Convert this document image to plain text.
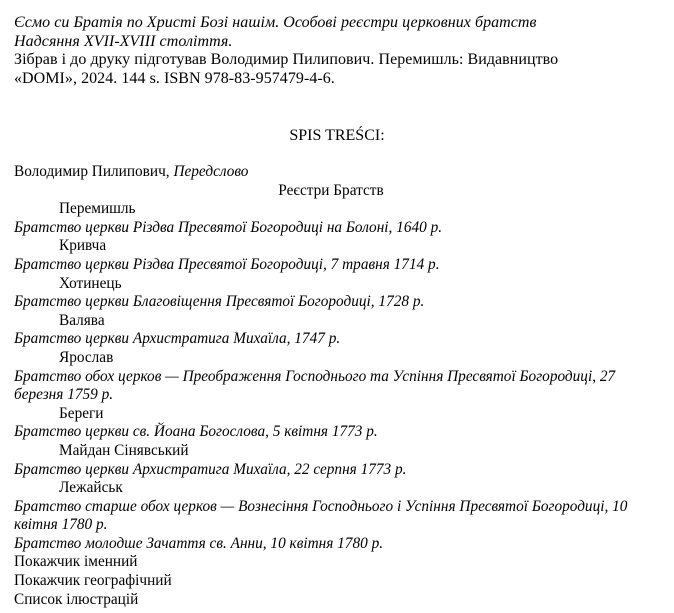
Єсмо си Братія по Христі Бозі нашім. Особові реєстри церковних братств

Надсяння XVII-XVIII століття.

Зібрав і до друку підготував Володимир Пилипович. Перемишль: Видавництво

«DOMI», 2024. 144 s. ISBN 978-83-957479-4-6.

SPIS TREŚCI:

Володимир Пилипович, Передслово

Реєстри Братств

Перемишль

Братство церкви Різдва Пресвятої Богородиці на Болоні, 1640 р.

Кривча

Братство церкви Різдва Пресвятої Богородиці, 7 травня 1714 р.

Хотинець

Братство церкви Благовіщення Пресвятої Богородиці, 1728 р.

Валява

Братство церкви Архистратига Михаїла, 1747 р.

Ярослав

Братство обох церков — Преображення Господнього та Успіння Пресвятої Богородиці, 27 березня 1759 р.

Береги

Братство церкви св. Йоана Богослова, 5 квітня 1773 р.

Майдан Сінявський

Братство церкви Архистратига Михаїла, 22 серпня 1773 р.

Лежайськ

Братство старше обох церков — Вознесіння Господнього і Успіння Пресвятої Богородиці, 10 квітня 1780 р.

Братство молодше Зачаття св. Анни, 10 квітня 1780 р.

Покажчик іменний

Покажчик географічний

Список ілюстрацій
